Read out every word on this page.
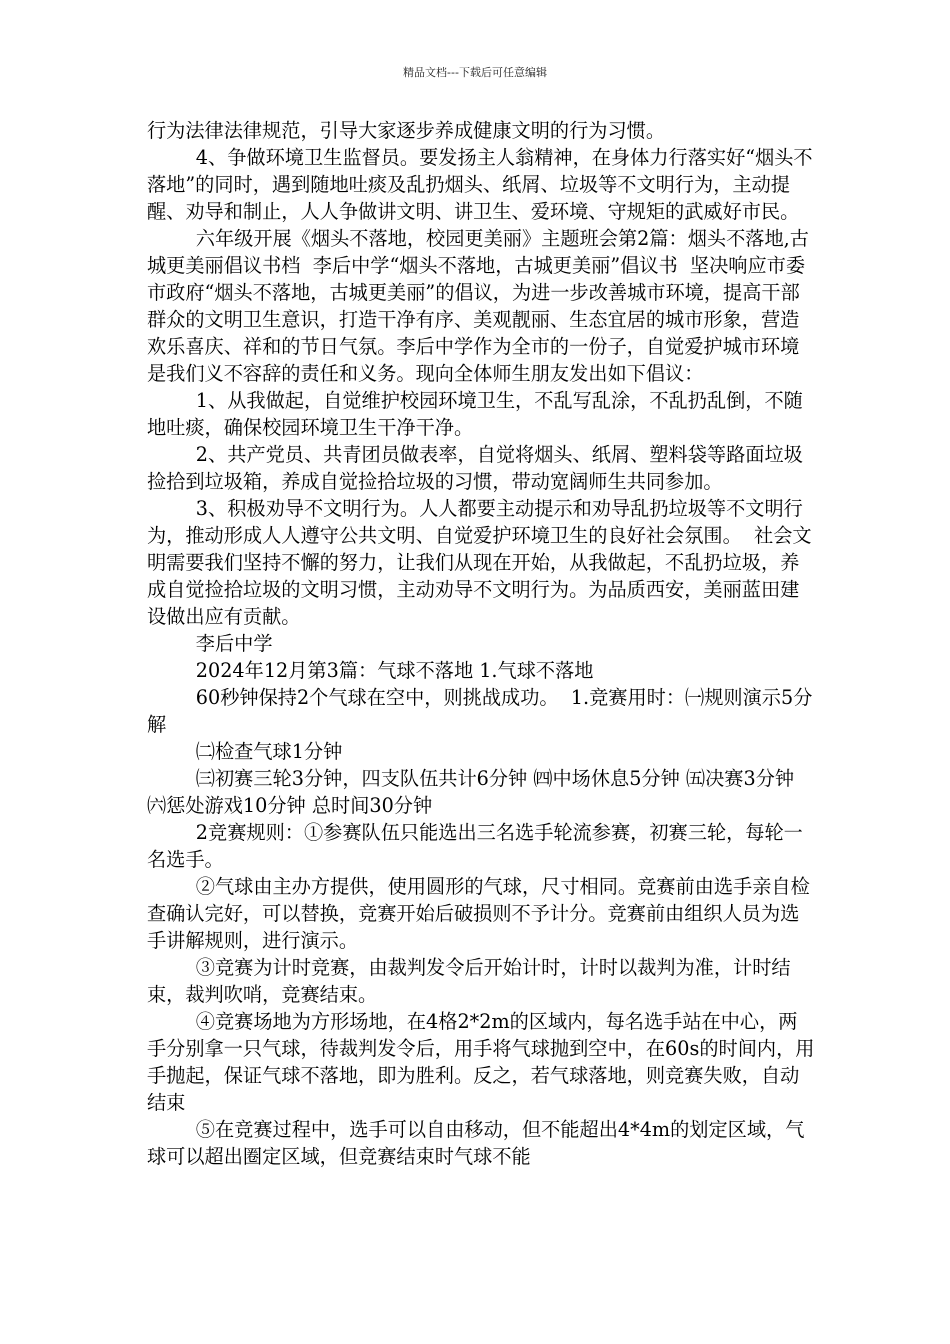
精品文档---下载后可任意编辑

行为法律法律规范，引导大家逐步养成健康文明的行为习惯。

4、争做环境卫生监督员。要发扬主人翁精神，在身体力行落实好“烟头不落地”的同时，遇到随地吐痰及乱扔烟头、纸屑、垃圾等不文明行为，主动提醒、劝导和制止，人人争做讲文明、讲卫生、爱环境、守规矩的武威好市民。

六年级开展《烟头不落地，校园更美丽》主题班会第2篇：烟头不落地,古城更美丽倡议书档  李后中学“烟头不落地，古城更美丽”倡议书  坚决响应市委市政府“烟头不落地，古城更美丽”的倡议，为进一步改善城市环境，提高干部群众的文明卫生意识，打造干净有序、美观靓丽、生态宜居的城市形象，营造欢乐喜庆、祥和的节日气氛。李后中学作为全市的一份子，自觉爱护城市环境是我们义不容辞的责任和义务。现向全体师生朋友发出如下倡议：

1、从我做起，自觉维护校园环境卫生，不乱写乱涂，不乱扔乱倒，不随地吐痰，确保校园环境卫生干净干净。

2、共产党员、共青团员做表率，自觉将烟头、纸屑、塑料袋等路面垃圾捡拾到垃圾箱，养成自觉捡拾垃圾的习惯，带动宽阔师生共同参加。

3、积极劝导不文明行为。人人都要主动提示和劝导乱扔垃圾等不文明行为，推动形成人人遵守公共文明、自觉爱护环境卫生的良好社会氛围。  社会文明需要我们坚持不懈的努力，让我们从现在开始，从我做起，不乱扔垃圾，养成自觉捡拾垃圾的文明习惯，主动劝导不文明行为。为品质西安，美丽蓝田建设做出应有贡献。

李后中学

2024年12月第3篇：气球不落地 1.气球不落地

60秒钟保持2个气球在空中，则挑战成功。  1.竞赛用时：㈠规则演示5分解

㈡检查气球1分钟

㈢初赛三轮3分钟，四支队伍共计6分钟 ㈣中场休息5分钟 ㈤决赛3分钟 ㈥惩处游戏10分钟 总时间30分钟

2竞赛规则：①参赛队伍只能选出三名选手轮流参赛，初赛三轮，每轮一名选手。

②气球由主办方提供，使用圆形的气球，尺寸相同。竞赛前由选手亲自检查确认完好，可以替换，竞赛开始后破损则不予计分。竞赛前由组织人员为选手讲解规则，进行演示。

③竞赛为计时竞赛，由裁判发令后开始计时，计时以裁判为准，计时结束，裁判吹哨，竞赛结束。

④竞赛场地为方形场地，在4格2*2m的区域内，每名选手站在中心，两手分别拿一只气球，待裁判发令后，用手将气球抛到空中，在60s的时间内，用手抛起，保证气球不落地，即为胜利。反之，若气球落地，则竞赛失败，自动结束

⑤在竞赛过程中，选手可以自由移动，但不能超出4*4m的划定区域，气球可以超出圈定区域，但竞赛结束时气球不能
